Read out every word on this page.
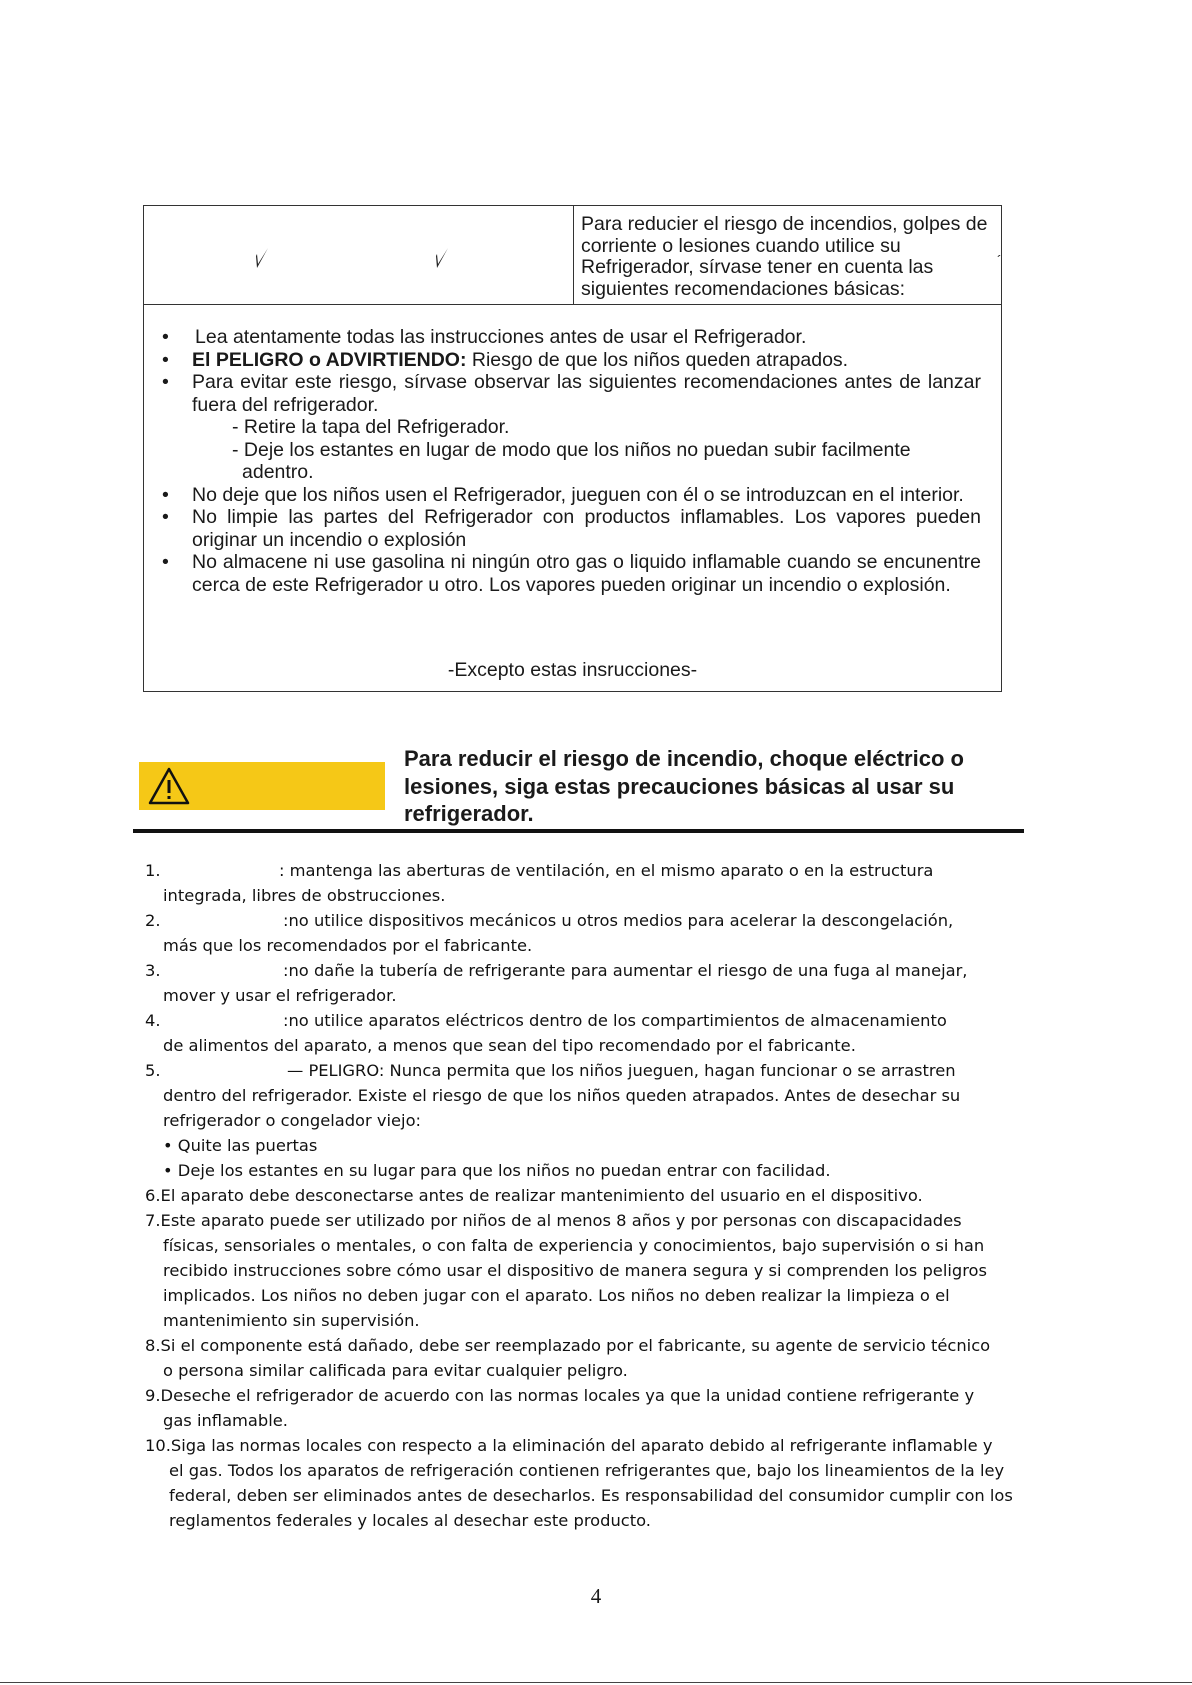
Para reducier el riesgo de incendios, golpes de corriente o lesiones cuando utilice su Refrigerador, sírvase tener en cuenta las siguientes recomendaciones básicas:

•	Lea atentamente todas las instrucciones antes de usar el Refrigerador.

•	El PELIGRO o ADVIRTIENDO: Riesgo de que los niños queden atrapados.

•	Para evitar este riesgo, sírvase observar las siguientes recomendaciones antes de lanzar fuera del refrigerador.

- Retire la tapa del Refrigerador.

- Deje los estantes en lugar de modo que los niños no puedan subir facilmente

adentro.

•	No deje que los niños usen el Refrigerador, jueguen con él o se introduzcan en el interior.

•	No limpie las partes del Refrigerador con productos inflamables. Los vapores pueden originar un incendio o explosión

•	No almacene ni use gasolina ni ningún otro gas o liquido inflamable cuando se encunentre cerca de este Refrigerador u otro. Los vapores pueden originar un incendio o explosión.

-Excepto estas insrucciones-
´
Para reducir el riesgo de incendio, choque eléctrico o
lesiones, siga estas precauciones básicas al usar su
refrigerador.

1.	: mantenga las aberturas de ventilación, en el mismo aparato o en la estructura

integrada, libres de obstrucciones.

2.	:no utilice dispositivos mecánicos u otros medios para acelerar la descongelación,

más que los recomendados por el fabricante.

3.	:no dañe la tubería de refrigerante para aumentar el riesgo de una fuga al manejar,

mover y usar el refrigerador.

4.	:no utilice aparatos eléctricos dentro de los compartimientos de almacenamiento

de alimentos del aparato, a menos que sean del tipo recomendado por el fabricante.

5.	— PELIGRO: Nunca permita que los niños jueguen, hagan funcionar o se arrastren

dentro del refrigerador. Existe el riesgo de que los niños queden atrapados. Antes de desechar su

refrigerador o congelador viejo:

• Quite las puertas

• Deje los estantes en su lugar para que los niños no puedan entrar con facilidad.

6.El aparato debe desconectarse antes de realizar mantenimiento del usuario en el dispositivo.

7.Este aparato puede ser utilizado por niños de al menos 8 años y por personas con discapacidades

físicas, sensoriales o mentales, o con falta de experiencia y conocimientos, bajo supervisión o si han

recibido instrucciones sobre cómo usar el dispositivo de manera segura y si comprenden los peligros

implicados. Los niños no deben jugar con el aparato. Los niños no deben realizar la limpieza o el

mantenimiento sin supervisión.

8.Si el componente está dañado, debe ser reemplazado por el fabricante, su agente de servicio técnico

o persona similar calificada para evitar cualquier peligro.

9.Deseche el refrigerador de acuerdo con las normas locales ya que la unidad contiene refrigerante y

gas inflamable.

10.Siga las normas locales con respecto a la eliminación del aparato debido al refrigerante inflamable y

el gas. Todos los aparatos de refrigeración contienen refrigerantes que, bajo los lineamientos de la ley

federal, deben ser eliminados antes de desecharlos. Es responsabilidad del consumidor cumplir con los

reglamentos federales y locales al desechar este producto.

4
